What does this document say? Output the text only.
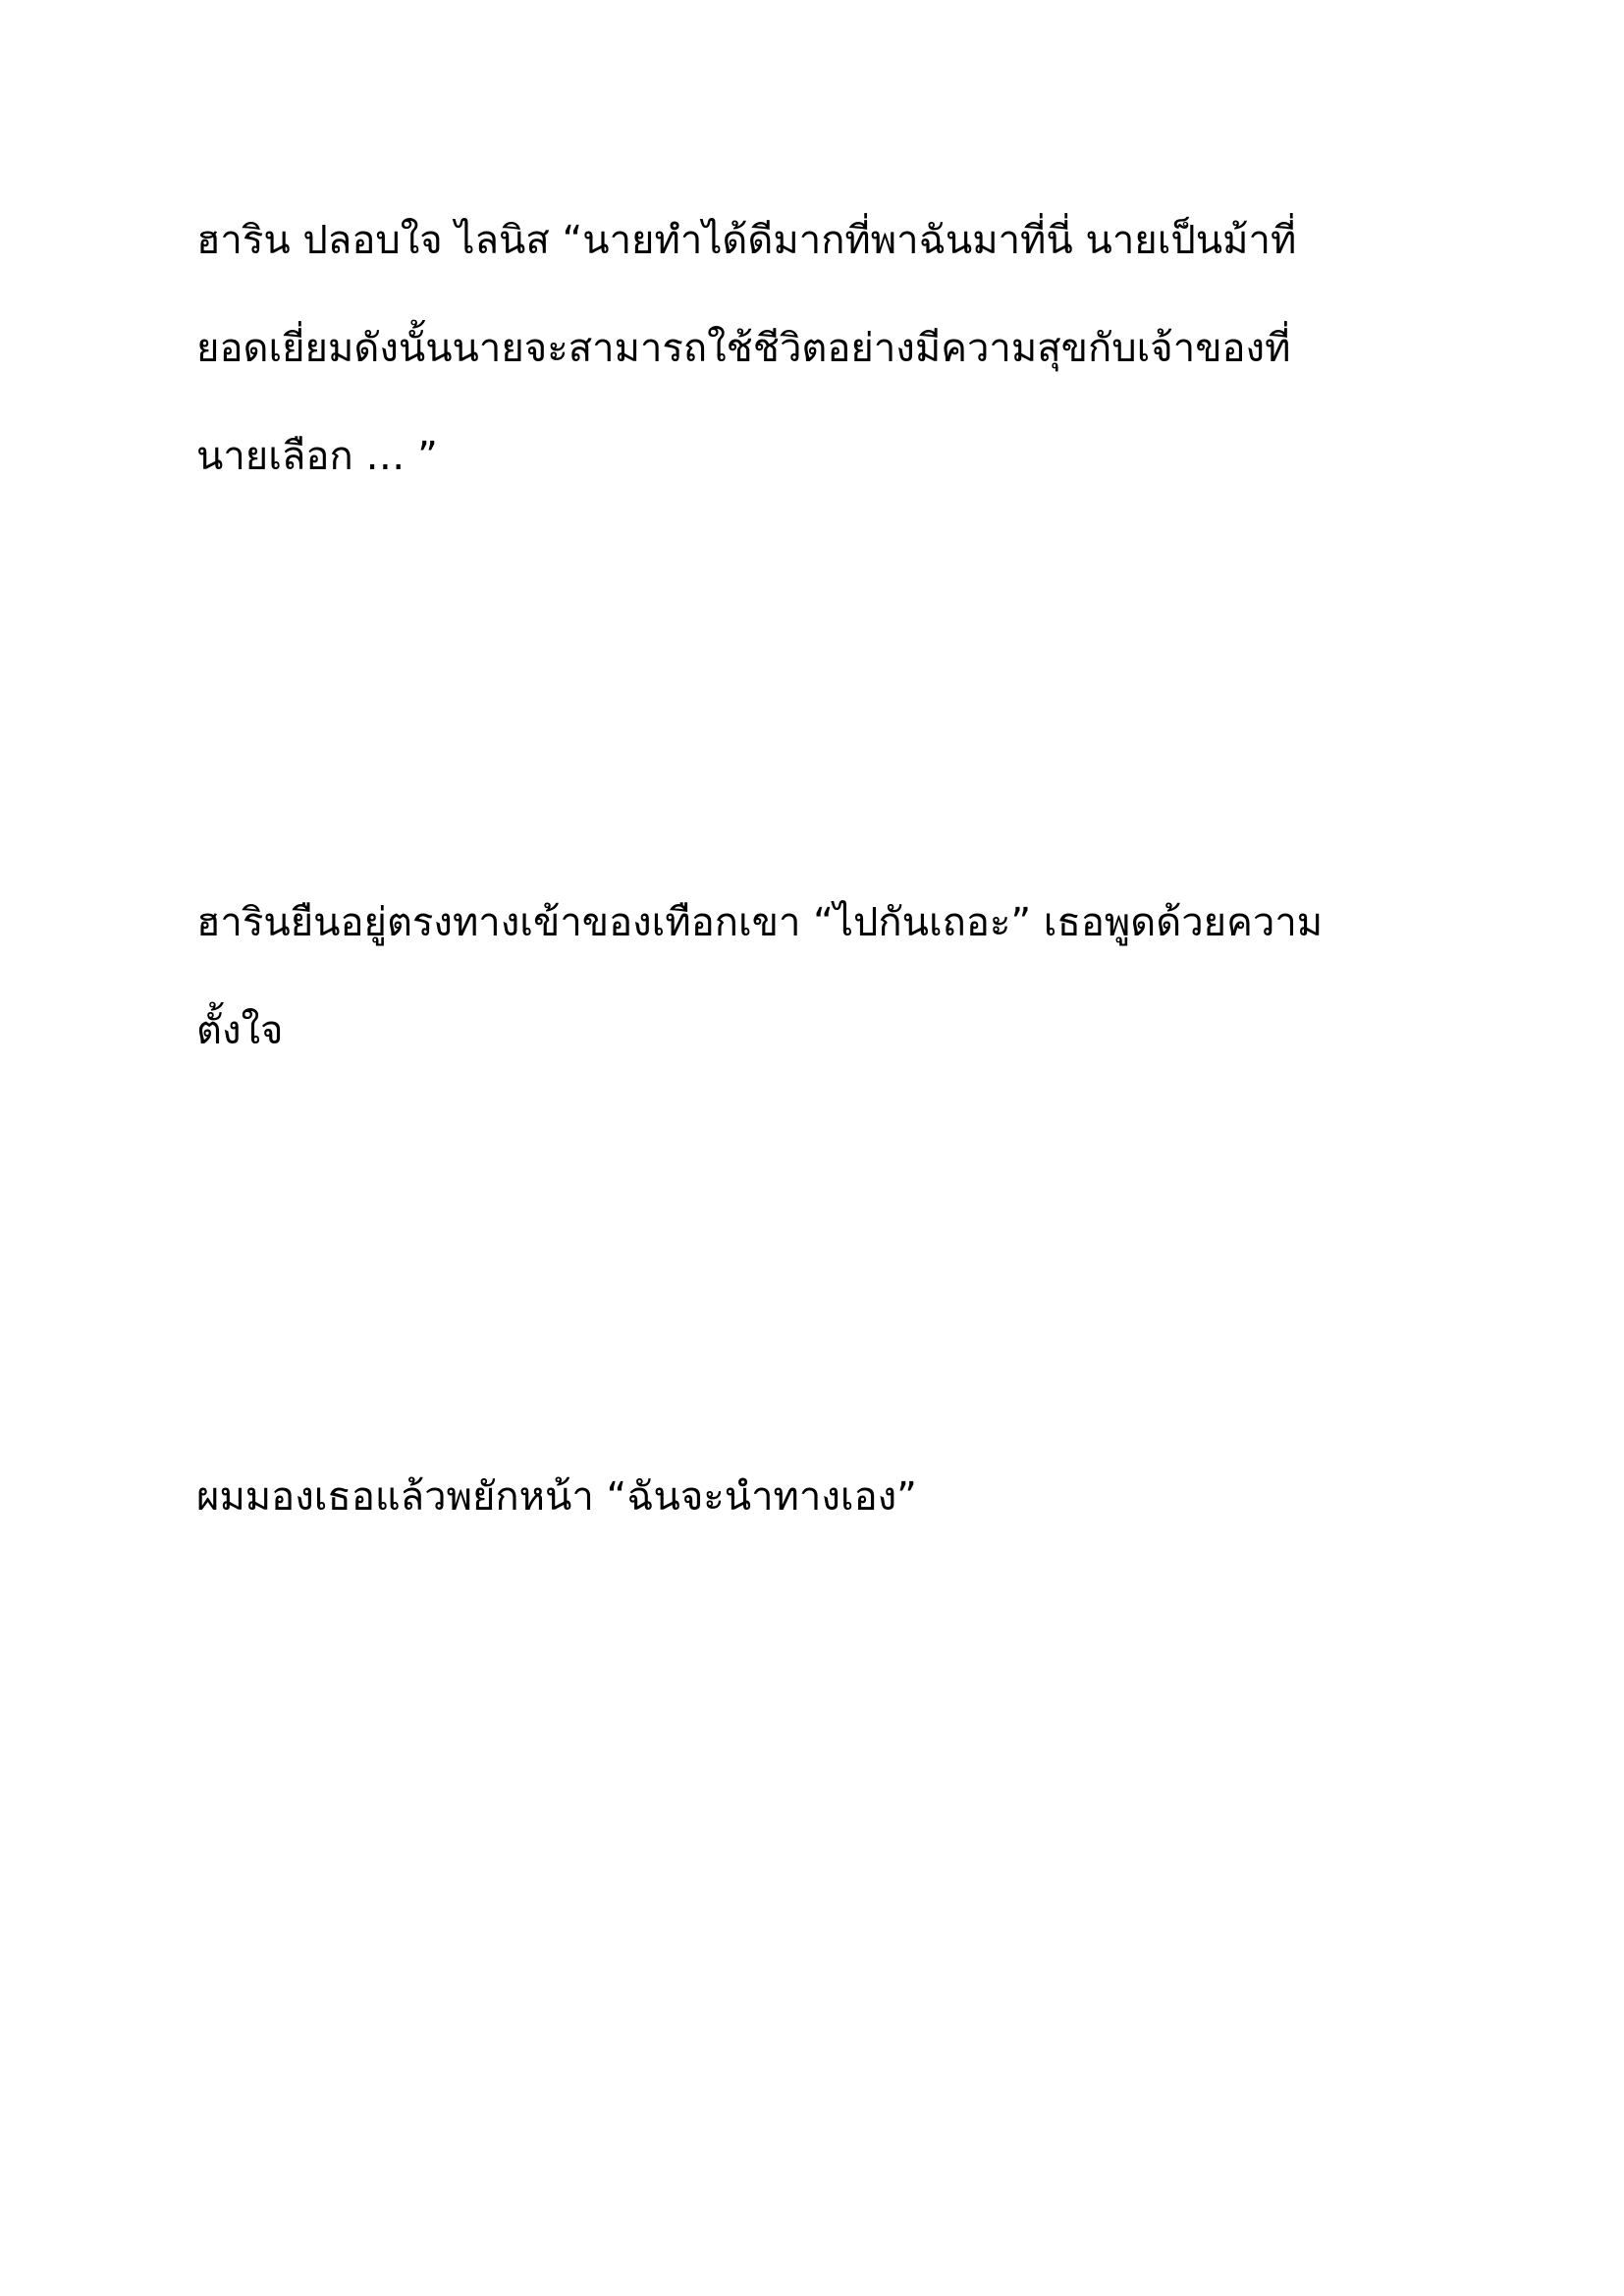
ฮาริน ปลอบใจ ไลนิส “นายทำได้ดีมากที่พาฉันมาที่นี่ นายเป็นม้าที่
ยอดเยี่ยมดังนั้นนายจะสามารถใช้ชีวิตอย่างมีความสุขกับเจ้าของที่
นายเลือก … ”

ฮารินยืนอยู่ตรงทางเข้าของเทือกเขา “ไปกันเถอะ” เธอพูดด้วยความ
ตั้งใจ

ผมมองเธอแล้วพยักหน้า “ฉันจะนำทางเอง”
